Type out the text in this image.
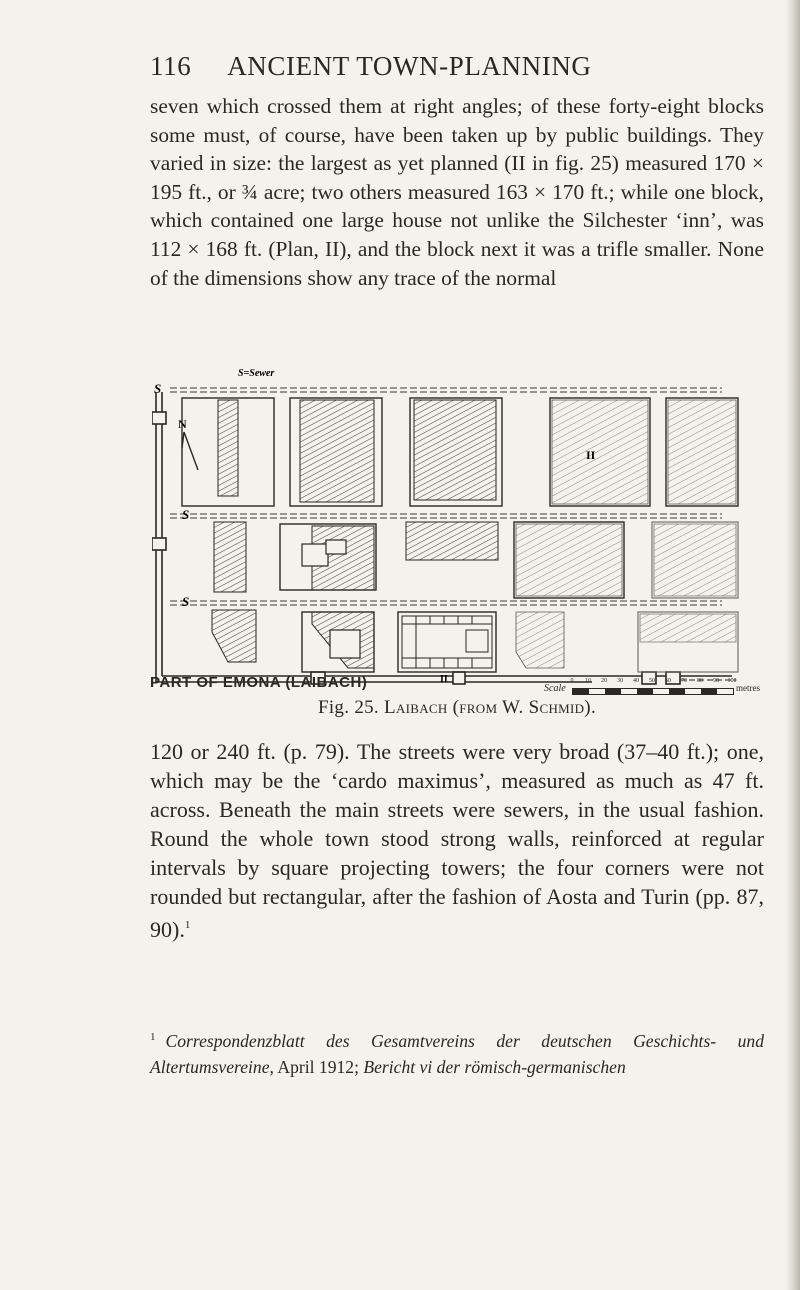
116 ANCIENT TOWN-PLANNING

seven which crossed them at right angles; of these forty-eight blocks some must, of course, have been taken up by public buildings. They varied in size: the largest as yet planned (II in fig. 25) measured 170 × 195 ft., or ¾ acre; two others measured 163 × 170 ft.; while one block, which contained one large house not unlike the Silchester ‘inn’, was 112 × 168 ft. (Plan, II), and the block next it was a trifle smaller. None of the dimensions show any trace of the normal

S=Sewer
S
S
S
N
II
II
PART OF EMONA (LAIBACH)	Scale
0 10 20 30 40 50 60 70 80 90 100
metres
Fig. 25. Laibach (from W. Schmid).

120 or 240 ft. (p. 79). The streets were very broad (37–40 ft.); one, which may be the ‘cardo maximus’, measured as much as 47 ft. across. Beneath the main streets were sewers, in the usual fashion. Round the whole town stood strong walls, reinforced at regular intervals by square projecting towers; the four corners were not rounded but rectangular, after the fashion of Aosta and Turin (pp. 87, 90).$^1$

$^1$ Correspondenzblatt des Gesamtvereins der deutschen Geschichts- und Altertumsvereine, April 1912; Bericht vi der römisch-germanischen
